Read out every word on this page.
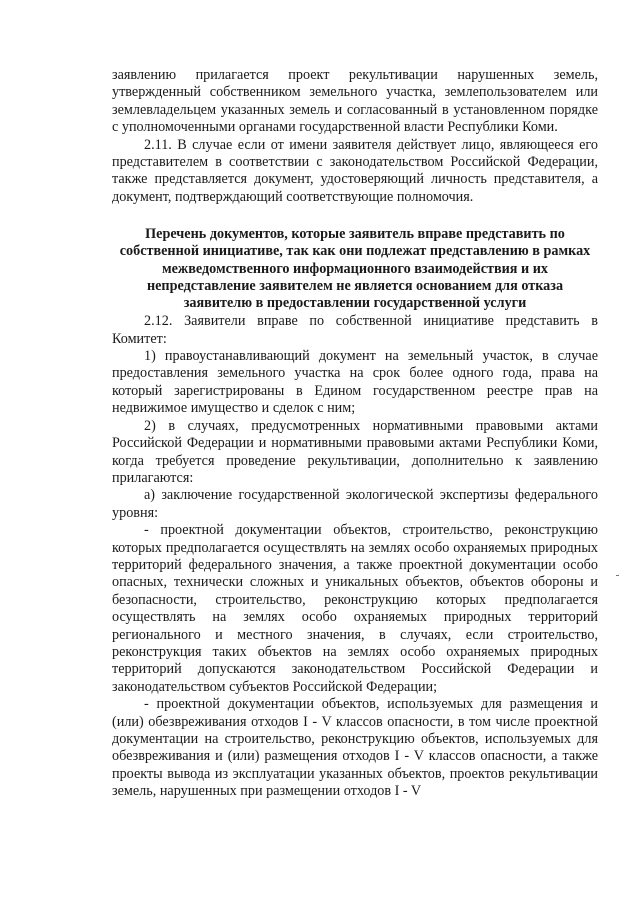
заявлению прилагается проект рекультивации нарушенных земель, утвержденный собственником земельного участка, землепользователем или землевладельцем указанных земель и согласованный в установленном порядке с уполномоченными органами государственной власти Республики Коми.

2.11. В случае если от имени заявителя действует лицо, являющееся его представителем в соответствии с законодательством Российской Федерации, также представляется документ, удостоверяющий личность представителя, а документ, подтверждающий соответствующие полномочия.

Перечень документов, которые заявитель вправе представить по собственной инициативе, так как они подлежат представлению в рамках межведомственного информационного взаимодействия и их непредставление заявителем не является основанием для отказа заявителю в предоставлении государственной услуги

2.12. Заявители вправе по собственной инициативе представить в Комитет:

1) правоустанавливающий документ на земельный участок, в случае предоставления земельного участка на срок более одного года, права на который зарегистрированы в Едином государственном реестре прав на недвижимое имущество и сделок с ним;

2) в случаях, предусмотренных нормативными правовыми актами Российской Федерации и нормативными правовыми актами Республики Коми, когда требуется проведение рекультивации, дополнительно к заявлению прилагаются:

а) заключение государственной экологической экспертизы федерального уровня:

- проектной документации объектов, строительство, реконструкцию которых предполагается осуществлять на землях особо охраняемых природных территорий федерального значения, а также проектной документации особо опасных, технически сложных и уникальных объектов, объектов обороны и безопасности, строительство, реконструкцию которых предполагается осуществлять на землях особо охраняемых природных территорий регионального и местного значения, в случаях, если строительство, реконструкция таких объектов на землях особо охраняемых природных территорий допускаются законодательством Российской Федерации и законодательством субъектов Российской Федерации;

- проектной документации объектов, используемых для размещения и (или) обезвреживания отходов I - V классов опасности, в том числе проектной документации на строительство, реконструкцию объектов, используемых для обезвреживания и (или) размещения отходов I - V классов опасности, а также проекты вывода из эксплуатации указанных объектов, проектов рекультивации земель, нарушенных при размещении отходов I - V
